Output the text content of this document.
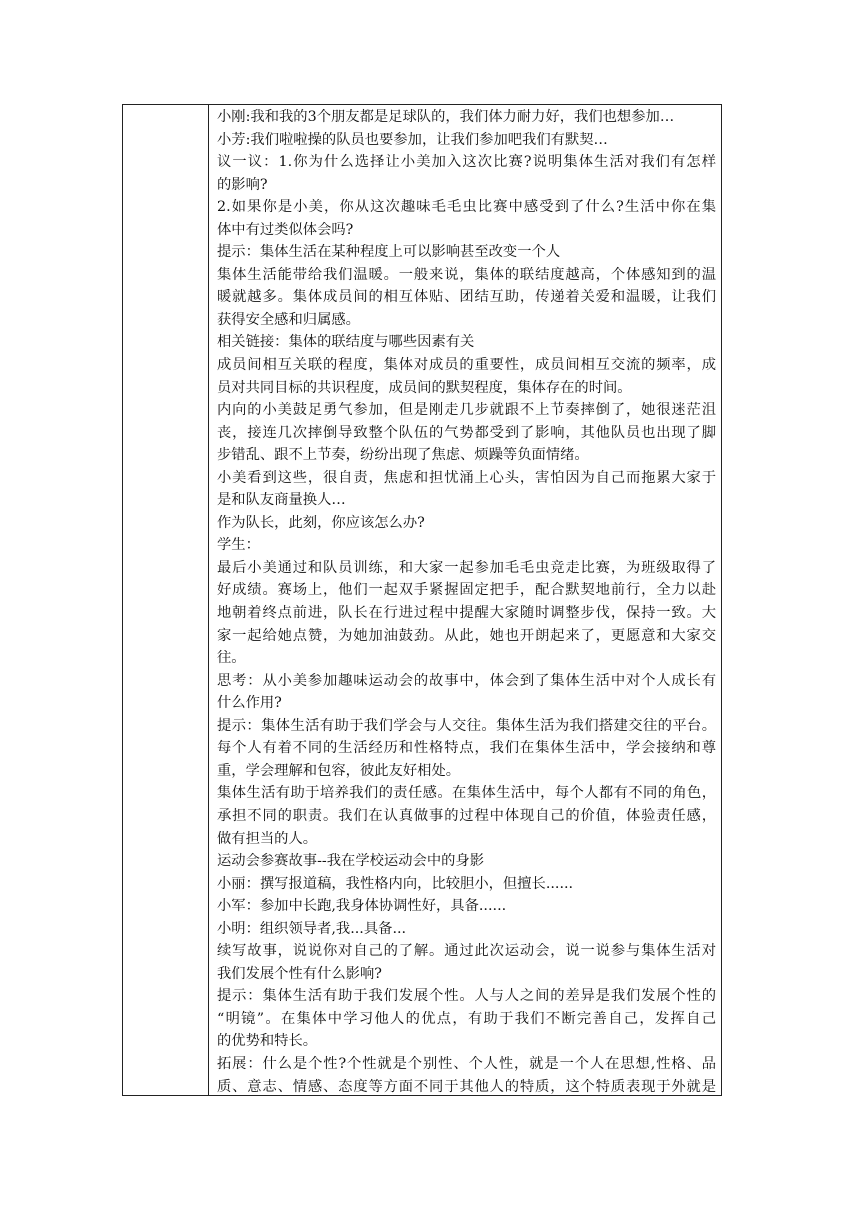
小刚:我和我的3个朋友都是足球队的，我们体力耐力好，我们也想参加…
小芳:我们啦啦操的队员也要参加，让我们参加吧我们有默契…
议一议：1.你为什么选择让小美加入这次比赛?说明集体生活对我们有怎样
的影响?
2.如果你是小美，你从这次趣味毛毛虫比赛中感受到了什么?生活中你在集
体中有过类似体会吗?
提示：集体生活在某种程度上可以影响甚至改变一个人
集体生活能带给我们温暖。一般来说，集体的联结度越高，个体感知到的温
暖就越多。集体成员间的相互体贴、团结互助，传递着关爱和温暖，让我们
获得安全感和归属感。
相关链接：集体的联结度与哪些因素有关
成员间相互关联的程度，集体对成员的重要性，成员间相互交流的频率，成
员对共同目标的共识程度，成员间的默契程度，集体存在的时间。
内向的小美鼓足勇气参加，但是刚走几步就跟不上节奏摔倒了，她很迷茫沮
丧，接连几次摔倒导致整个队伍的气势都受到了影响，其他队员也出现了脚
步错乱、跟不上节奏，纷纷出现了焦虑、烦躁等负面情绪。
小美看到这些，很自责，焦虑和担忧涌上心头，害怕因为自己而拖累大家于
是和队友商量换人…
作为队长，此刻，你应该怎么办?
学生：
最后小美通过和队员训练，和大家一起参加毛毛虫竞走比赛，为班级取得了
好成绩。赛场上，他们一起双手紧握固定把手，配合默契地前行，全力以赴
地朝着终点前进，队长在行进过程中提醒大家随时调整步伐，保持一致。大
家一起给她点赞，为她加油鼓劲。从此，她也开朗起来了，更愿意和大家交
往。
思考：从小美参加趣味运动会的故事中，体会到了集体生活中对个人成长有
什么作用?
提示：集体生活有助于我们学会与人交往。集体生活为我们搭建交往的平台。
每个人有着不同的生活经历和性格特点，我们在集体生活中，学会接纳和尊
重，学会理解和包容，彼此友好相处。
集体生活有助于培养我们的责任感。在集体生活中，每个人都有不同的角色，
承担不同的职责。我们在认真做事的过程中体现自己的价值，体验责任感，
做有担当的人。
运动会参赛故事--我在学校运动会中的身影
小丽：撰写报道稿，我性格内向，比较胆小，但擅长......
小军：参加中长跑,我身体协调性好，具备......
小明：组织领导者,我...具备...
续写故事，说说你对自己的了解。通过此次运动会，说一说参与集体生活对
我们发展个性有什么影响?
提示：集体生活有助于我们发展个性。人与人之间的差异是我们发展个性的
“明镜”。在集体中学习他人的优点，有助于我们不断完善自己，发挥自己
的优势和特长。
拓展：什么是个性?个性就是个别性、个人性，就是一个人在思想,性格、品
质、意志、情感、态度等方面不同于其他人的特质，这个特质表现于外就是
